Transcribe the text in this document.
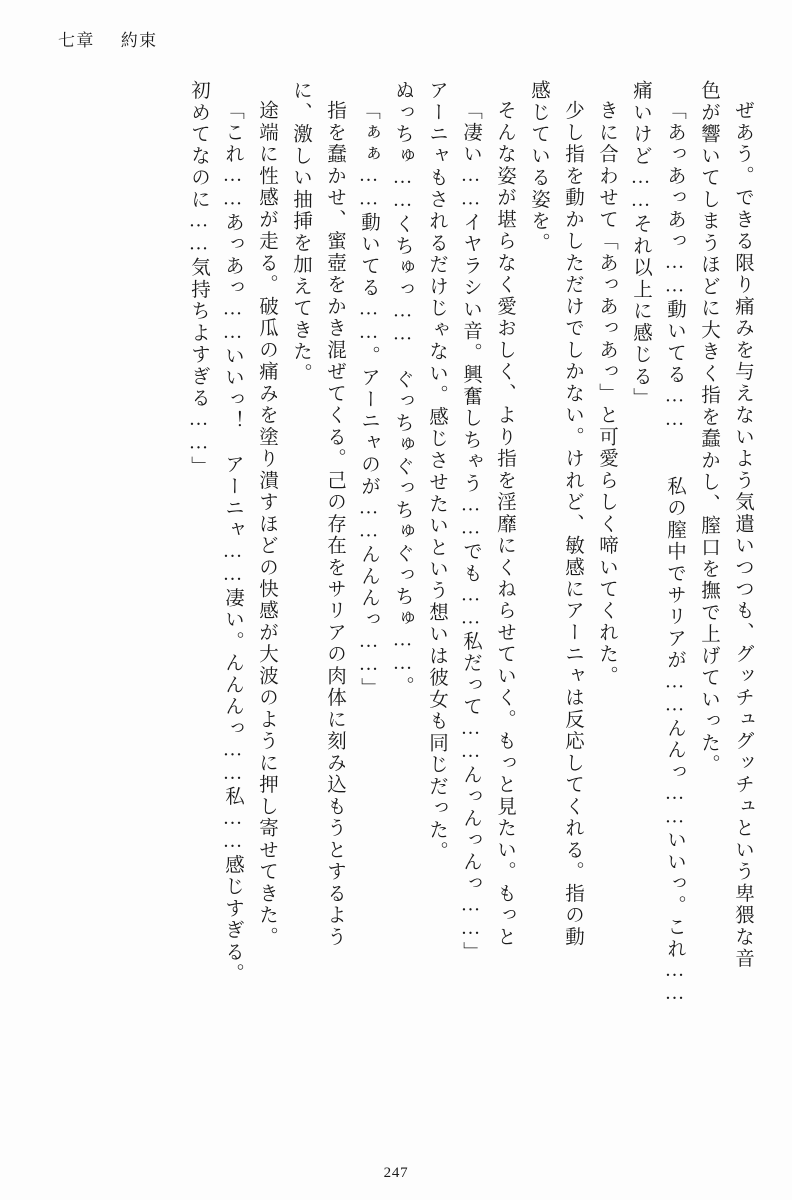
七章 約束
ぜあう。できる限り痛みを与えないよう気遣いつつも、グッチュグッチュという卑猥な音
色が響いてしまうほどに大きく指を蠢かし、膣口を撫で上げていった。
「あっあっあっ……動いてる……　　私の膣中でサリアが……んんっ……いいっ。これ……
痛いけど……それ以上に感じる」
きに合わせて「あっあっあっ」と可愛らしく啼いてくれた。
少し指を動かしただけでしかない。けれど、敏感にアーニャは反応してくれる。指の動
感じている姿を。
そんな姿が堪らなく愛おしく、より指を淫靡にくねらせていく。もっと見たい。もっと
「凄い……イヤラシい音。興奮しちゃう……でも……私だって……んっんっんっ……」
アーニャもされるだけじゃない。感じさせたいという想いは彼女も同じだった。
ぬっちゅ……くちゅっ……　ぐっちゅぐっちゅぐっちゅ……。
「ぁぁ……動いてる……。アーニャのが……んんんっ……」
指を蠢かせ、蜜壺をかき混ぜてくる。己の存在をサリアの肉体に刻み込もうとするよう
に、激しい抽挿を加えてきた。
途端に性感が走る。破瓜の痛みを塗り潰すほどの快感が大波のように押し寄せてきた。
「これ……あっあっ……いいっ！　アーニャ……凄い。んんんっ……私……感じすぎる。
初めてなのに……気持ちよすぎる……」
247
